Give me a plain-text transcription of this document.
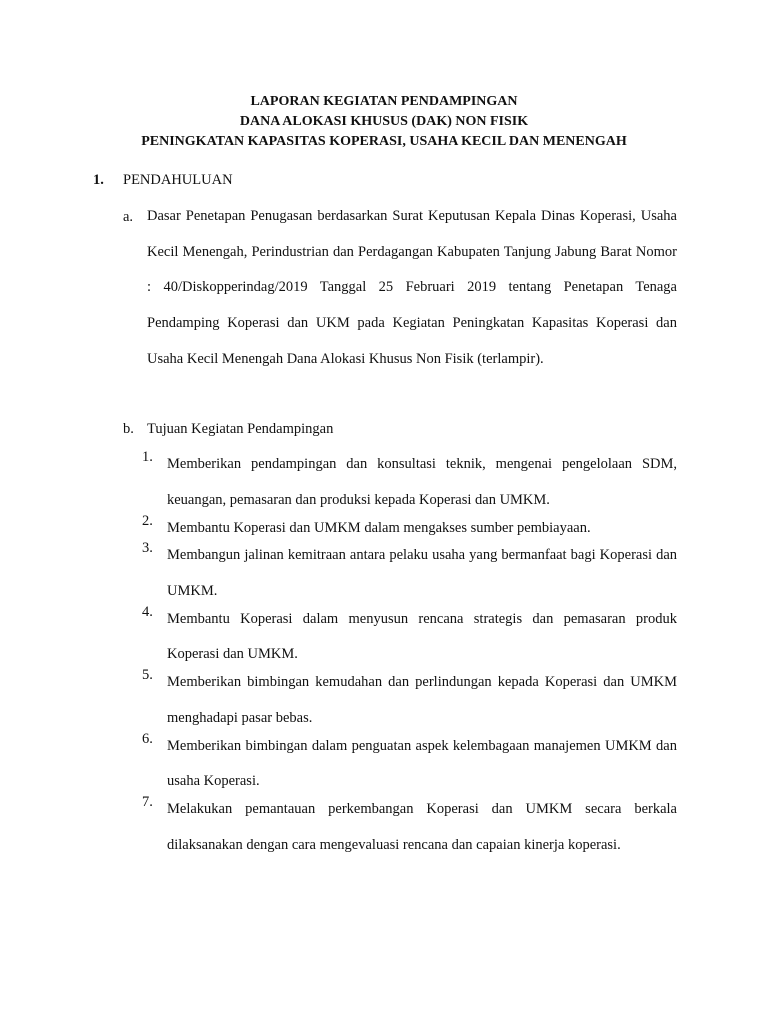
LAPORAN KEGIATAN PENDAMPINGAN
DANA ALOKASI KHUSUS (DAK) NON FISIK
PENINGKATAN KAPASITAS KOPERASI, USAHA KECIL DAN MENENGAH
1. PENDAHULUAN
a. Dasar Penetapan Penugasan berdasarkan Surat Keputusan Kepala Dinas Koperasi, Usaha Kecil Menengah, Perindustrian dan Perdagangan Kabupaten Tanjung Jabung Barat Nomor : 40/Diskopperindag/2019 Tanggal 25 Februari 2019 tentang Penetapan Tenaga Pendamping Koperasi dan UKM pada Kegiatan Peningkatan Kapasitas Koperasi dan Usaha Kecil Menengah Dana Alokasi Khusus Non Fisik (terlampir).
b. Tujuan Kegiatan Pendampingan
1. Memberikan pendampingan dan konsultasi teknik, mengenai pengelolaan SDM, keuangan, pemasaran dan produksi kepada Koperasi dan UMKM.
2. Membantu Koperasi dan UMKM dalam mengakses sumber pembiayaan.
3. Membangun jalinan kemitraan antara pelaku usaha yang bermanfaat bagi Koperasi dan UMKM.
4. Membantu Koperasi dalam menyusun rencana strategis dan pemasaran produk Koperasi dan UMKM.
5. Memberikan bimbingan kemudahan dan perlindungan kepada Koperasi dan UMKM menghadapi pasar bebas.
6. Memberikan bimbingan dalam penguatan aspek kelembagaan manajemen UMKM dan usaha Koperasi.
7. Melakukan pemantauan perkembangan Koperasi dan UMKM secara berkala dilaksanakan dengan cara mengevaluasi rencana dan capaian kinerja koperasi.
